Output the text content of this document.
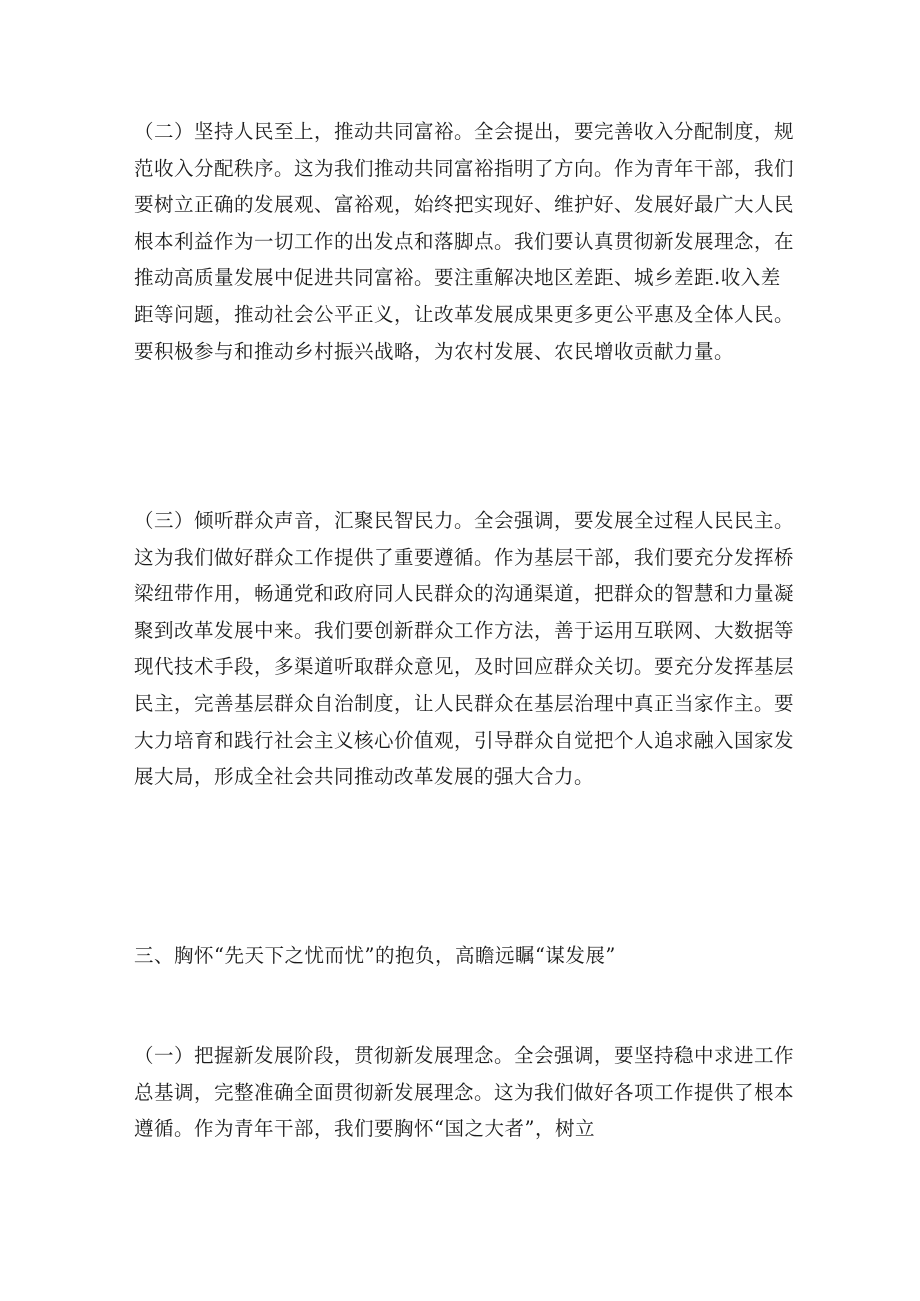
（二）坚持人民至上，推动共同富裕。全会提出，要完善收入分配制度，规
范收入分配秩序。这为我们推动共同富裕指明了方向。作为青年干部，我们
要树立正确的发展观、富裕观，始终把实现好、维护好、发展好最广大人民
根本利益作为一切工作的出发点和落脚点。我们要认真贯彻新发展理念，在
推动高质量发展中促进共同富裕。要注重解决地区差距、城乡差距.收入差
距等问题，推动社会公平正义，让改革发展成果更多更公平惠及全体人民。
要积极参与和推动乡村振兴战略，为农村发展、农民增收贡献力量。
（三）倾听群众声音，汇聚民智民力。全会强调，要发展全过程人民民主。
这为我们做好群众工作提供了重要遵循。作为基层干部，我们要充分发挥桥
梁纽带作用，畅通党和政府同人民群众的沟通渠道，把群众的智慧和力量凝
聚到改革发展中来。我们要创新群众工作方法，善于运用互联网、大数据等
现代技术手段，多渠道听取群众意见，及时回应群众关切。要充分发挥基层
民主，完善基层群众自治制度，让人民群众在基层治理中真正当家作主。要
大力培育和践行社会主义核心价值观，引导群众自觉把个人追求融入国家发
展大局，形成全社会共同推动改革发展的强大合力。
三、胸怀“先天下之忧而忧”的抱负，高瞻远瞩“谋发展”
（一）把握新发展阶段，贯彻新发展理念。全会强调，要坚持稳中求进工作
总基调，完整准确全面贯彻新发展理念。这为我们做好各项工作提供了根本
遵循。作为青年干部，我们要胸怀“国之大者”，树立
